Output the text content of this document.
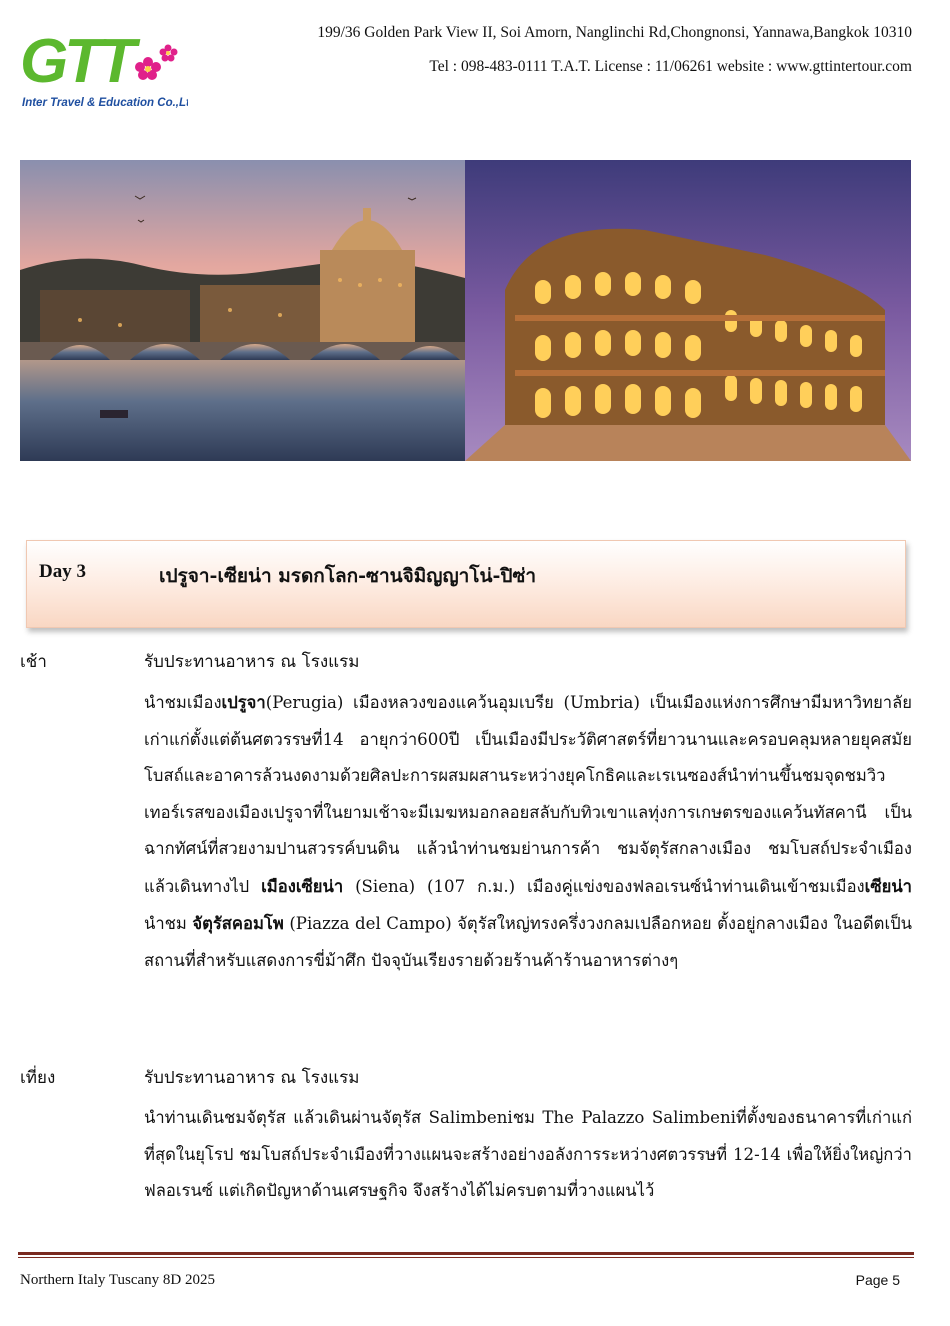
GTT
Inter Travel & Education Co.,Ltd.
199/36 Golden Park View II, Soi Amorn, Nanglinchi Rd,Chongnonsi, Yannawa,Bangkok 10310
Tel : 098-483-0111 T.A.T. License : 11/06261 website : www.gttintertour.com
Day 3	เปรูจา-เซียน่า มรดกโลก-ซานจิมิญญาโน่-ปิซ่า
เช้า	รับประทานอาหาร ณ โรงแรม
นำชมเมืองเปรูจา(Perugia) เมืองหลวงของแคว้นอุมเบรีย (Umbria) เป็นเมืองแห่งการศึกษามีมหาวิทยาลัยเก่าแก่ตั้งแต่ต้นศตวรรษที่14 อายุกว่า600ปี เป็นเมืองมีประวัติศาสตร์ที่ยาวนานและครอบคลุมหลายยุคสมัย โบสถ์และอาคารล้วนงดงามด้วยศิลปะการผสมผสานระหว่างยุคโกธิคและเรเนซองส์นำท่านขึ้นชมจุดชมวิวเทอร์เรสของเมืองเปรูจาที่ในยามเช้าจะมีเมฆหมอกลอยสลับกับทิวเขาแลทุ่งการเกษตรของแคว้นทัสคานี เป็นฉากทัศน์ที่สวยงามปานสวรรค์บนดิน แล้วนำท่านชมย่านการค้า ชมจัตุรัสกลางเมือง ชมโบสถ์ประจำเมือง แล้วเดินทางไป เมืองเซียน่า (Siena) (107 ก.ม.) เมืองคู่แข่งของฟลอเรนซ์นำท่านเดินเข้าชมเมืองเซียน่า นำชม จัตุรัสคอมโพ (Piazza del Campo) จัตุรัสใหญ่ทรงครึ่งวงกลมเปลือกหอย ตั้งอยู่กลางเมือง ในอดีตเป็นสถานที่สำหรับแสดงการขี่ม้าศึก ปัจจุบันเรียงรายด้วยร้านค้าร้านอาหารต่างๆ
เที่ยง	รับประทานอาหาร ณ โรงแรม
นำท่านเดินชมจัตุรัส แล้วเดินผ่านจัตุรัส Salimbeniชม The Palazzo Salimbeniที่ตั้งของธนาคารที่เก่าแก่ที่สุดในยุโรป ชมโบสถ์ประจำเมืองที่วางแผนจะสร้างอย่างอลังการระหว่างศตวรรษที่ 12-14 เพื่อให้ยิ่งใหญ่กว่าฟลอเรนซ์ แต่เกิดปัญหาด้านเศรษฐกิจ จึงสร้างได้ไม่ครบตามที่วางแผนไว้
Northern Italy Tuscany 8D 2025	Page 5
